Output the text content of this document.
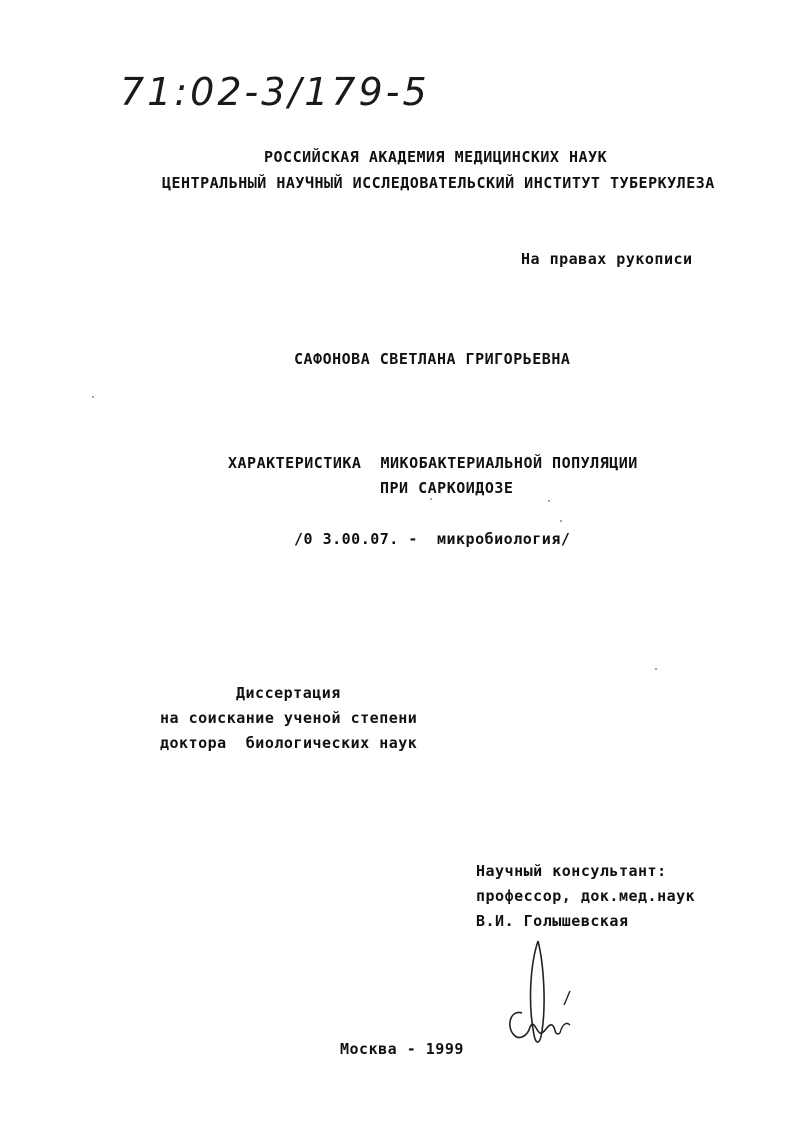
71:02-3/179-5
РОССИЙСКАЯ АКАДЕМИЯ МЕДИЦИНСКИХ НАУК
ЦЕНТРАЛЬНЫЙ НАУЧНЫЙ ИССЛЕДОВАТЕЛЬСКИЙ ИНСТИТУТ ТУБЕРКУЛЕЗА
На правах рукописи
САФОНОВА СВЕТЛАНА ГРИГОРЬЕВНА
ХАРАКТЕРИСТИКА  МИКОБАКТЕРИАЛЬНОЙ ПОПУЛЯЦИИ
ПРИ САРКОИДОЗЕ
/0 3.00.07. -  микробиология/
Диссертация
на соискание ученой степени
доктора  биологических наук
Научный консультант:
профессор, док.мед.наук
В.И. Голышевская
Москва - 1999
